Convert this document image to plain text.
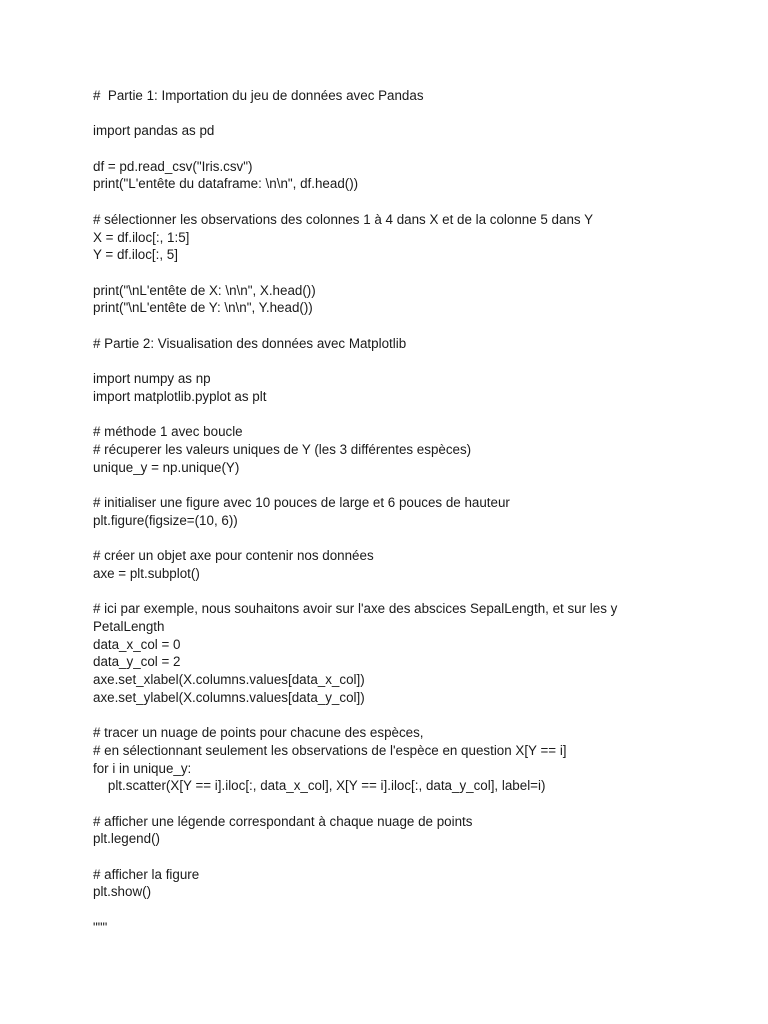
#  Partie 1: Importation du jeu de données avec Pandas
import pandas as pd
df = pd.read_csv("Iris.csv")
print("L'entête du dataframe: \n\n", df.head())
# sélectionner les observations des colonnes 1 à 4 dans X et de la colonne 5 dans Y
X = df.iloc[:, 1:5]
Y = df.iloc[:, 5]
print("\nL'entête de X: \n\n", X.head())
print("\nL'entête de Y: \n\n", Y.head())
# Partie 2: Visualisation des données avec Matplotlib
import numpy as np
import matplotlib.pyplot as plt
# méthode 1 avec boucle
# récuperer les valeurs uniques de Y (les 3 différentes espèces)
unique_y = np.unique(Y)
# initialiser une figure avec 10 pouces de large et 6 pouces de hauteur
plt.figure(figsize=(10, 6))
# créer un objet axe pour contenir nos données
axe = plt.subplot()
# ici par exemple, nous souhaitons avoir sur l'axe des abscices SepalLength, et sur les y
PetalLength
data_x_col = 0
data_y_col = 2
axe.set_xlabel(X.columns.values[data_x_col])
axe.set_ylabel(X.columns.values[data_y_col])
# tracer un nuage de points pour chacune des espèces,
# en sélectionnant seulement les observations de l'espèce en question X[Y == i]
for i in unique_y:
plt.scatter(X[Y == i].iloc[:, data_x_col], X[Y == i].iloc[:, data_y_col], label=i)
# afficher une légende correspondant à chaque nuage de points
plt.legend()
# afficher la figure
plt.show()
"""
